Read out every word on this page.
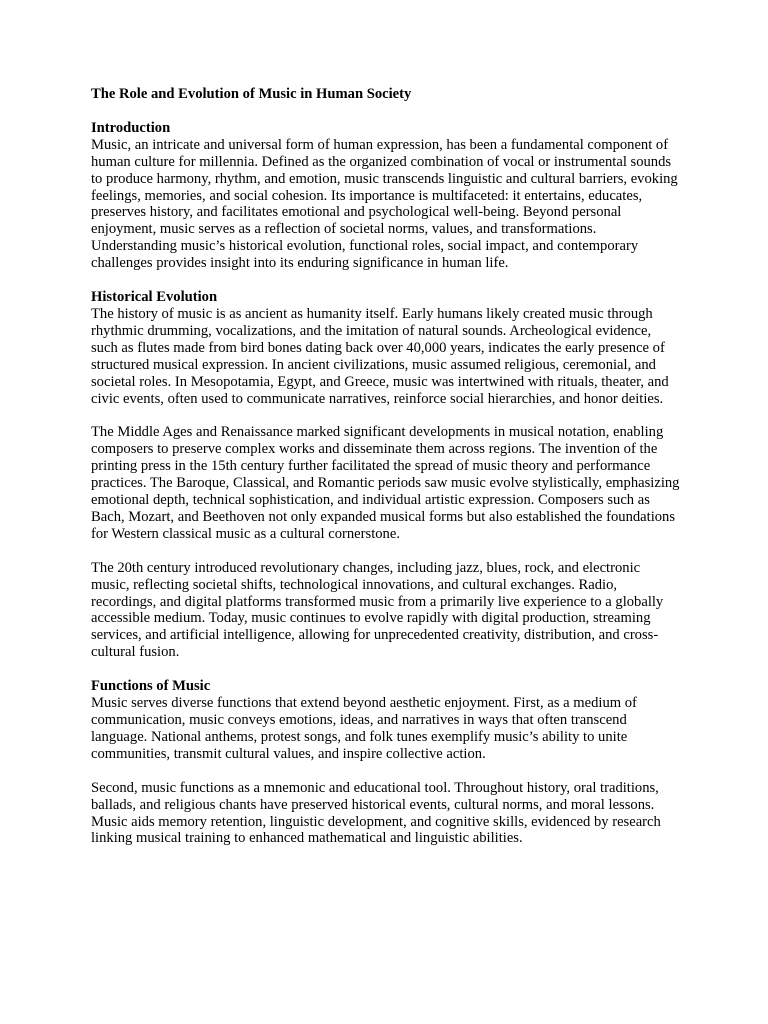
The Role and Evolution of Music in Human Society
Introduction
Music, an intricate and universal form of human expression, has been a fundamental component of human culture for millennia. Defined as the organized combination of vocal or instrumental sounds to produce harmony, rhythm, and emotion, music transcends linguistic and cultural barriers, evoking feelings, memories, and social cohesion. Its importance is multifaceted: it entertains, educates, preserves history, and facilitates emotional and psychological well-being. Beyond personal enjoyment, music serves as a reflection of societal norms, values, and transformations. Understanding music’s historical evolution, functional roles, social impact, and contemporary challenges provides insight into its enduring significance in human life.
Historical Evolution
The history of music is as ancient as humanity itself. Early humans likely created music through rhythmic drumming, vocalizations, and the imitation of natural sounds. Archeological evidence, such as flutes made from bird bones dating back over 40,000 years, indicates the early presence of structured musical expression. In ancient civilizations, music assumed religious, ceremonial, and societal roles. In Mesopotamia, Egypt, and Greece, music was intertwined with rituals, theater, and civic events, often used to communicate narratives, reinforce social hierarchies, and honor deities.
The Middle Ages and Renaissance marked significant developments in musical notation, enabling composers to preserve complex works and disseminate them across regions. The invention of the printing press in the 15th century further facilitated the spread of music theory and performance practices. The Baroque, Classical, and Romantic periods saw music evolve stylistically, emphasizing emotional depth, technical sophistication, and individual artistic expression. Composers such as Bach, Mozart, and Beethoven not only expanded musical forms but also established the foundations for Western classical music as a cultural cornerstone.
The 20th century introduced revolutionary changes, including jazz, blues, rock, and electronic music, reflecting societal shifts, technological innovations, and cultural exchanges. Radio, recordings, and digital platforms transformed music from a primarily live experience to a globally accessible medium. Today, music continues to evolve rapidly with digital production, streaming services, and artificial intelligence, allowing for unprecedented creativity, distribution, and cross-cultural fusion.
Functions of Music
Music serves diverse functions that extend beyond aesthetic enjoyment. First, as a medium of communication, music conveys emotions, ideas, and narratives in ways that often transcend language. National anthems, protest songs, and folk tunes exemplify music’s ability to unite communities, transmit cultural values, and inspire collective action.
Second, music functions as a mnemonic and educational tool. Throughout history, oral traditions, ballads, and religious chants have preserved historical events, cultural norms, and moral lessons. Music aids memory retention, linguistic development, and cognitive skills, evidenced by research linking musical training to enhanced mathematical and linguistic abilities.
